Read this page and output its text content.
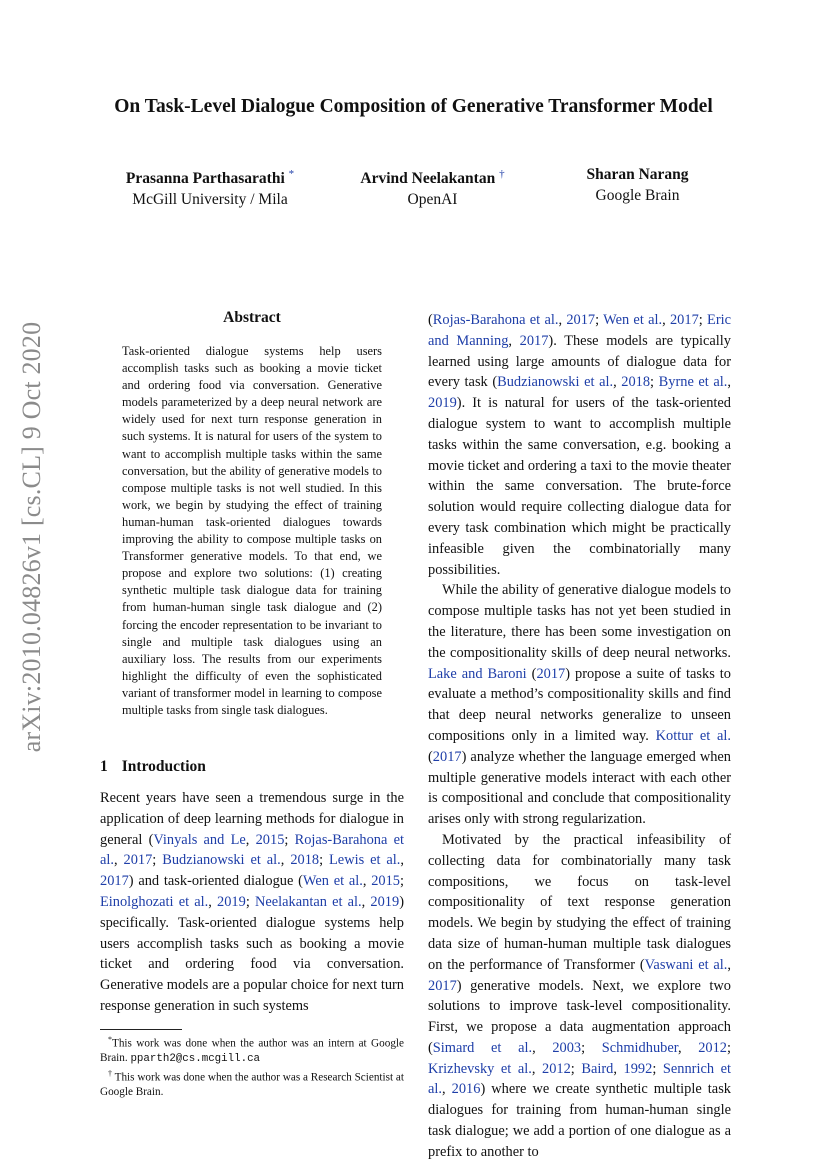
arXiv:2010.04826v1 [cs.CL] 9 Oct 2020
On Task-Level Dialogue Composition of Generative Transformer Model
Prasanna Parthasarathi *
McGill University / Mila
Arvind Neelakantan †
OpenAI
Sharan Narang
Google Brain
Abstract
Task-oriented dialogue systems help users accomplish tasks such as booking a movie ticket and ordering food via conversation. Generative models parameterized by a deep neural network are widely used for next turn response generation in such systems. It is natural for users of the system to want to accomplish multiple tasks within the same conversation, but the ability of generative models to compose multiple tasks is not well studied. In this work, we begin by studying the effect of training human-human task-oriented dialogues towards improving the ability to compose multiple tasks on Transformer generative models. To that end, we propose and explore two solutions: (1) creating synthetic multiple task dialogue data for training from human-human single task dialogue and (2) forcing the encoder representation to be invariant to single and multiple task dialogues using an auxiliary loss. The results from our experiments highlight the difficulty of even the sophisticated variant of transformer model in learning to compose multiple tasks from single task dialogues.
1 Introduction
Recent years have seen a tremendous surge in the application of deep learning methods for dialogue in general (Vinyals and Le, 2015; Rojas-Barahona et al., 2017; Budzianowski et al., 2018; Lewis et al., 2017) and task-oriented dialogue (Wen et al., 2015; Einolghozati et al., 2019; Neelakantan et al., 2019) specifically. Task-oriented dialogue systems help users accomplish tasks such as booking a movie ticket and ordering food via conversation. Generative models are a popular choice for next turn response generation in such systems

*This work was done when the author was an intern at Google Brain. pparth2@cs.mcgill.ca

† This work was done when the author was a Research Scientist at Google Brain.

(Rojas-Barahona et al., 2017; Wen et al., 2017; Eric and Manning, 2017). These models are typically learned using large amounts of dialogue data for every task (Budzianowski et al., 2018; Byrne et al., 2019). It is natural for users of the task-oriented dialogue system to want to accomplish multiple tasks within the same conversation, e.g. booking a movie ticket and ordering a taxi to the movie theater within the same conversation. The brute-force solution would require collecting dialogue data for every task combination which might be practically infeasible given the combinatorially many possibilities.

While the ability of generative dialogue models to compose multiple tasks has not yet been studied in the literature, there has been some investigation on the compositionality skills of deep neural networks. Lake and Baroni (2017) propose a suite of tasks to evaluate a method’s compositionality skills and find that deep neural networks generalize to unseen compositions only in a limited way. Kottur et al. (2017) analyze whether the language emerged when multiple generative models interact with each other is compositional and conclude that compositionality arises only with strong regularization.

Motivated by the practical infeasibility of collecting data for combinatorially many task compositions, we focus on task-level compositionality of text response generation models. We begin by studying the effect of training data size of human-human multiple task dialogues on the performance of Transformer (Vaswani et al., 2017) generative models. Next, we explore two solutions to improve task-level compositionality. First, we propose a data augmentation approach (Simard et al., 2003; Schmidhuber, 2012; Krizhevsky et al., 2012; Baird, 1992; Sennrich et al., 2016) where we create synthetic multiple task dialogues for training from human-human single task dialogue; we add a portion of one dialogue as a prefix to another to
